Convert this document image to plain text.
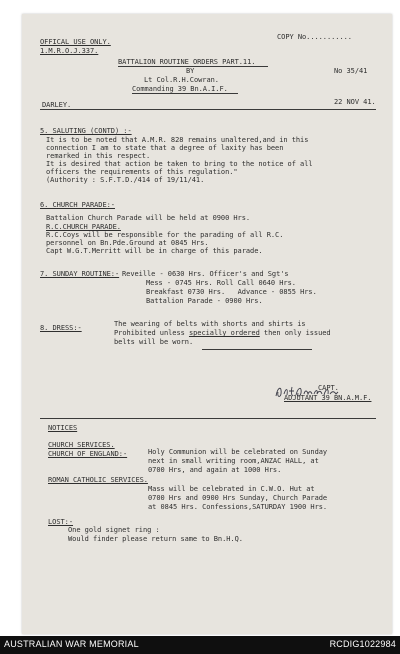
OFFICAL USE ONLY.
1.M.R.O.J.337.
COPY No...........
BATTALION ROUTINE ORDERS PART.11.
BY
Lt Col.R.H.Cowran.
Commanding 39 Bn.A.I.F.
No 35/41
DARLEY.	22 NOV 41.
5. SALUTING (CONTD) :-
It is to be noted that A.M.R. 828 remains unaltered,and in this
connection I am to state that a degree of laxity has been
remarked in this respect.
It is desired that action be taken to bring to the notice of all
officers the requirements of this regulation."
(Authority : S.F.T.D./414 of 19/11/41.
6. CHURCH PARADE:-
Battalion Church Parade will be held at 0900 Hrs.
R.C.CHURCH PARADE.
R.C.Coys will be responsible for the parading of all R.C.
personnel on Bn.Pde.Ground at 0845 Hrs.
Capt W.G.T.Merritt will be in charge of this parade.
7. SUNDAY ROUTINE:- Reveille - 0630 Hrs. Officer's and Sgt's
Mess - 0745 Hrs. Roll Call 0640 Hrs.
Breakfast 0730 Hrs.   Advance - 0855 Hrs.
Battalion Parade - 0900 Hrs.
8. DRESS:-	The wearing of belts with shorts and shirts is
Prohibited unless specially ordered then only issued
belts will be worn.
CAPT.
ADJUTANT 39 BN.A.M.F.
NOTICES
CHURCH SERVICES.
CHURCH OF ENGLAND:-	Holy Communion will be celebrated on Sunday
next in small writing room,ANZAC HALL, at
0700 Hrs, and again at 1000 Hrs.
ROMAN CATHOLIC SERVICES.
Mass will be celebrated in C.W.O. Hut at
0700 Hrs and 0900 Hrs Sunday, Church Parade
at 0845 Hrs. Confessions,SATURDAY 1900 Hrs.
LOST:-
One gold signet ring :
Would finder please return same to Bn.H.Q.
AUSTRALIAN WAR MEMORIAL	RCDIG1022984
